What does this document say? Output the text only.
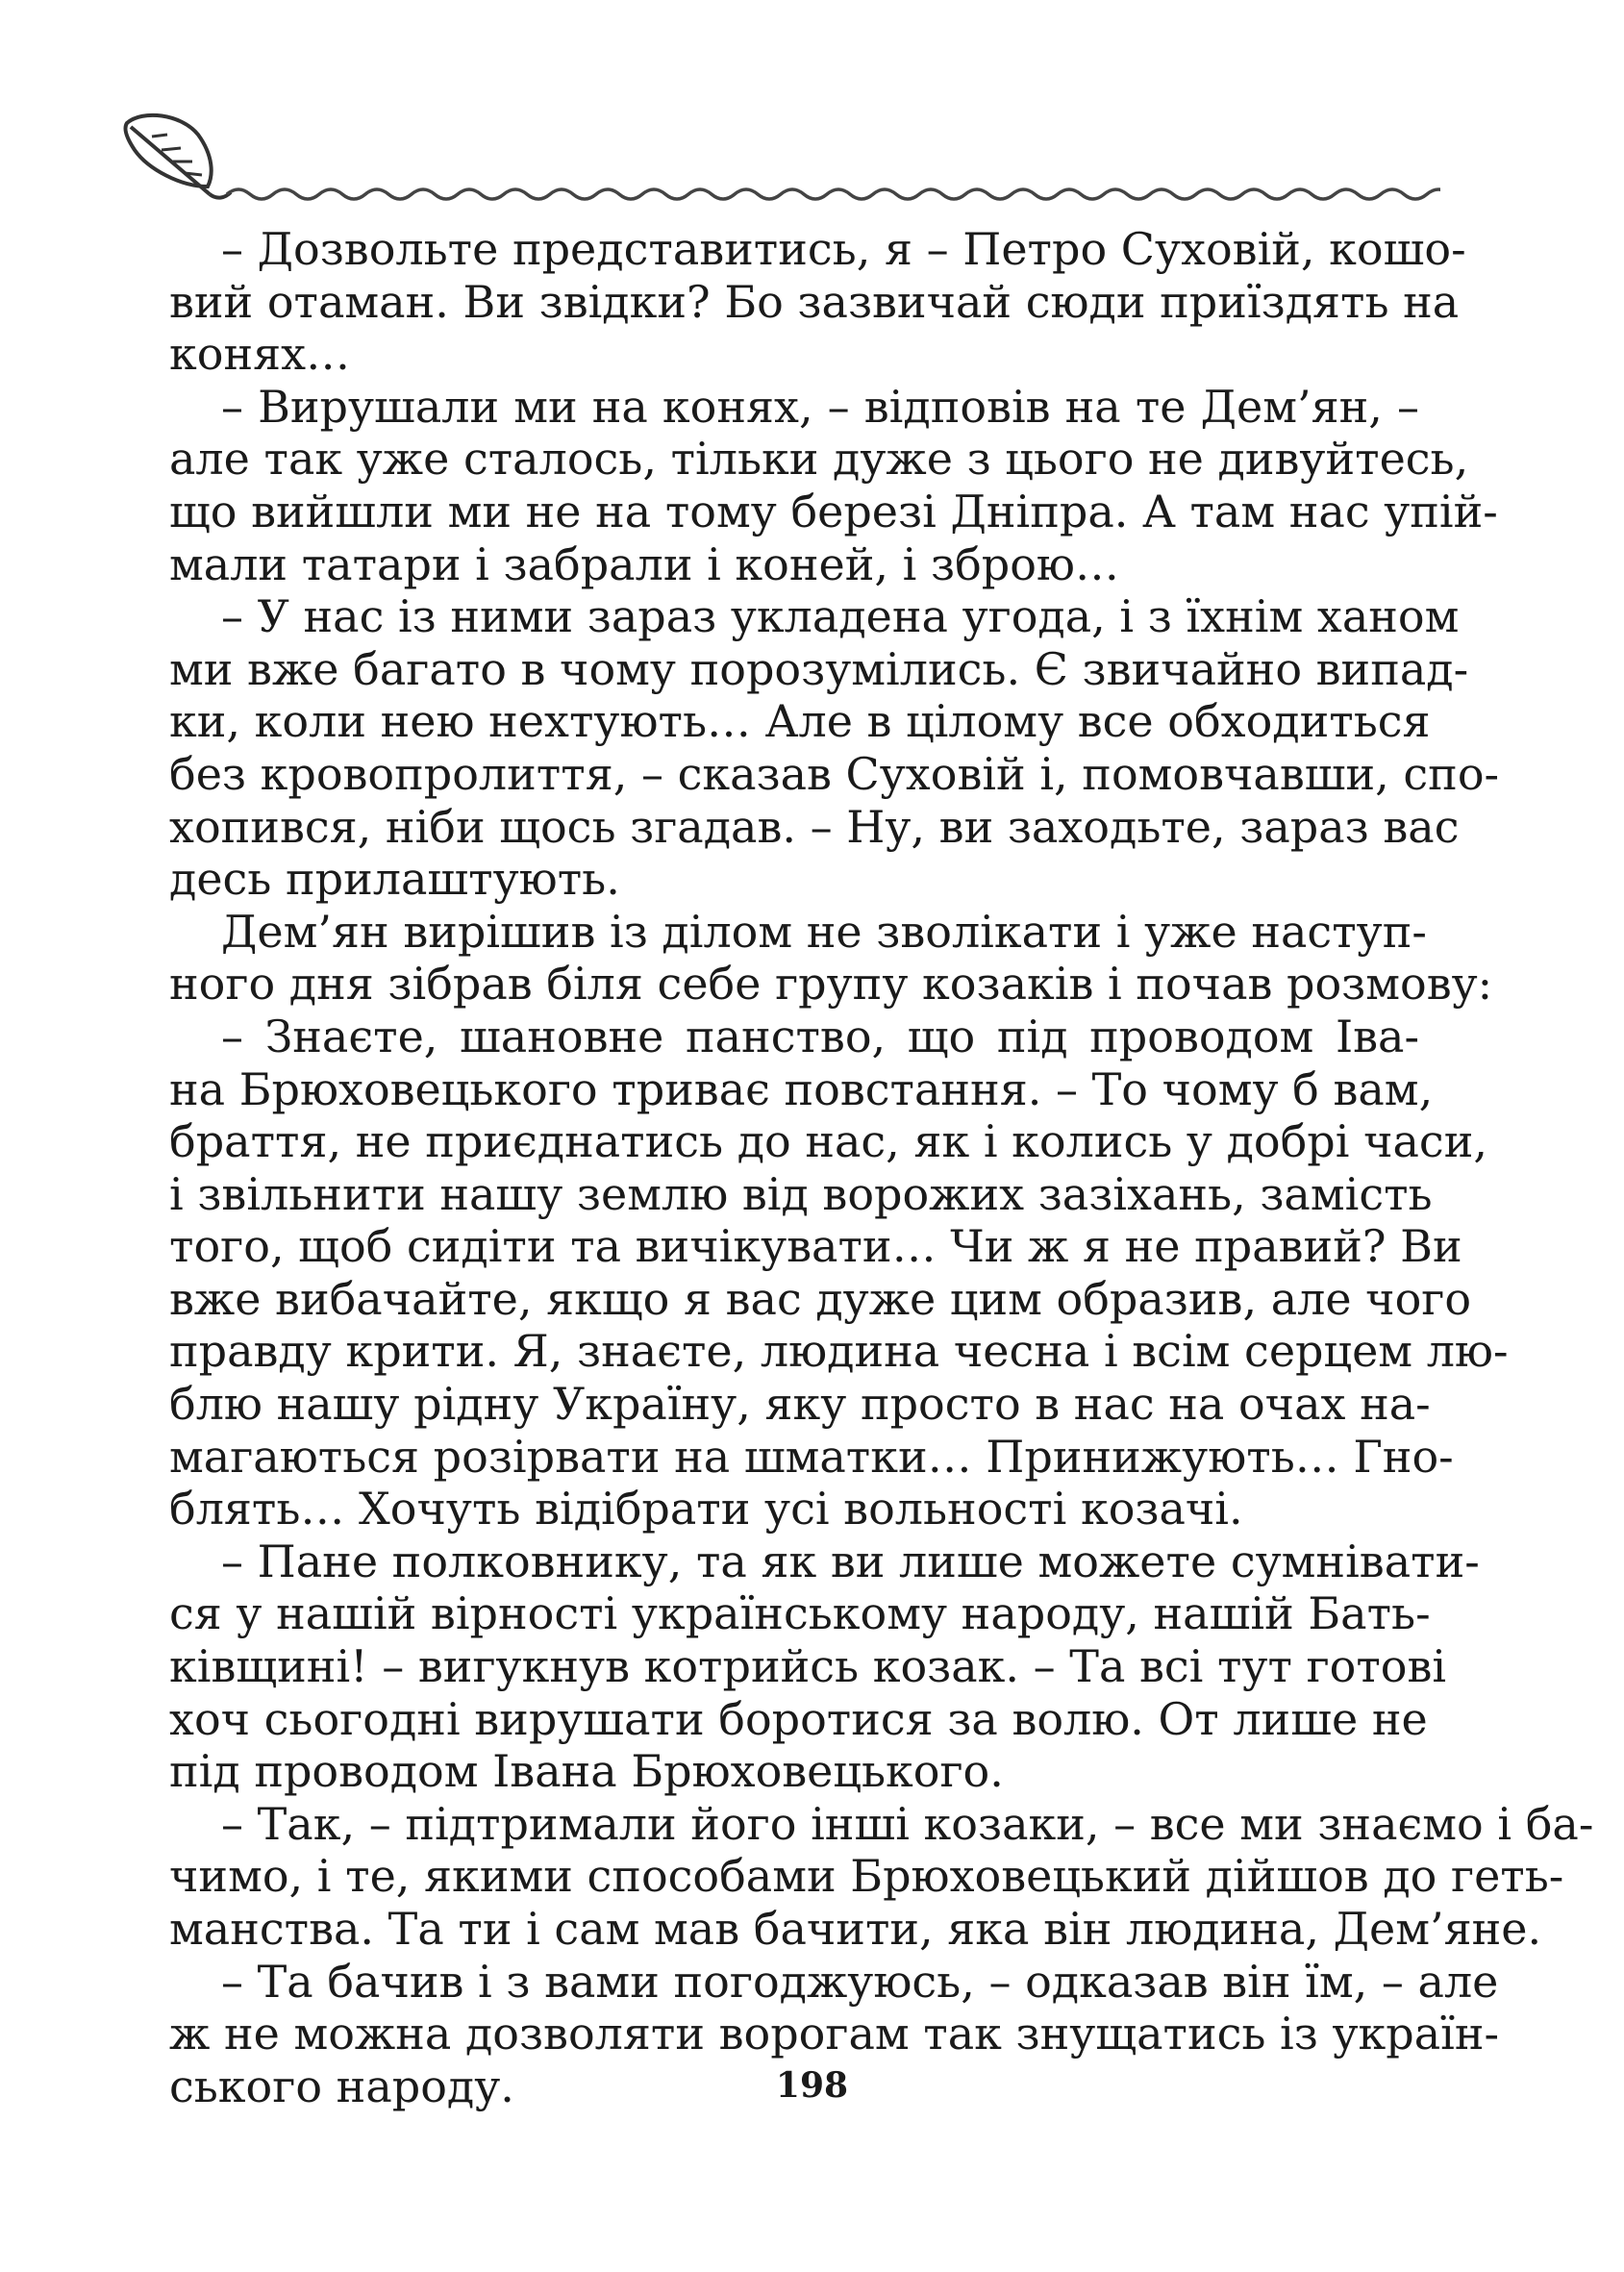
– Дозвольте представитись, я – Петро Суховій, кошо-
вий отаман. Ви звідки? Бо зазвичай сюди приїздять на
конях…
– Вирушали ми на конях, – відповів на те Дем’ян, –
але так уже сталось, тільки дуже з цього не дивуйтесь,
що вийшли ми не на тому березі Дніпра. А там нас упій-
мали татари і забрали і коней, і зброю…
– У нас із ними зараз укладена угода, і з їхнім ханом
ми вже багато в чому порозумілись. Є звичайно випад-
ки, коли нею нехтують… Але в цілому все обходиться
без кровопролиття, – сказав Суховій і, помовчавши, спо-
хопився, ніби щось згадав. – Ну, ви заходьте, зараз вас
десь прилаштують.
Дем’ян вирішив із ділом не зволікати і уже наступ-
ного дня зібрав біля себе групу козаків і почав розмову:
– Знаєте, шановне панство, що під проводом Іва-
на Брюховецького триває повстання. – То чому б вам,
браття, не приєднатись до нас, як і колись у добрі часи,
і звільнити нашу землю від ворожих зазіхань, замість
того, щоб сидіти та вичікувати… Чи ж я не правий? Ви
вже вибачайте, якщо я вас дуже цим образив, але чого
правду крити. Я, знаєте, людина чесна і всім серцем лю-
блю нашу рідну Україну, яку просто в нас на очах на-
магаються розірвати на шматки… Принижують… Гно-
блять… Хочуть відібрати усі вольності козачі.
– Пане полковнику, та як ви лише можете сумнівати-
ся у нашій вірності українському народу, нашій Бать-
ківщині! – вигукнув котрийсь козак. – Та всі тут готові
хоч сьогодні вирушати боротися за волю. От лише не
під проводом Івана Брюховецького.
– Так, – підтримали його інші козаки, – все ми знаємо і ба-
чимо, і те, якими способами Брюховецький дійшов до геть-
манства. Та ти і сам мав бачити, яка він людина, Дем’яне.
– Та бачив і з вами погоджуюсь, – одказав він їм, – але
ж не можна дозволяти ворогам так знущатись із україн-
ського народу.	198
